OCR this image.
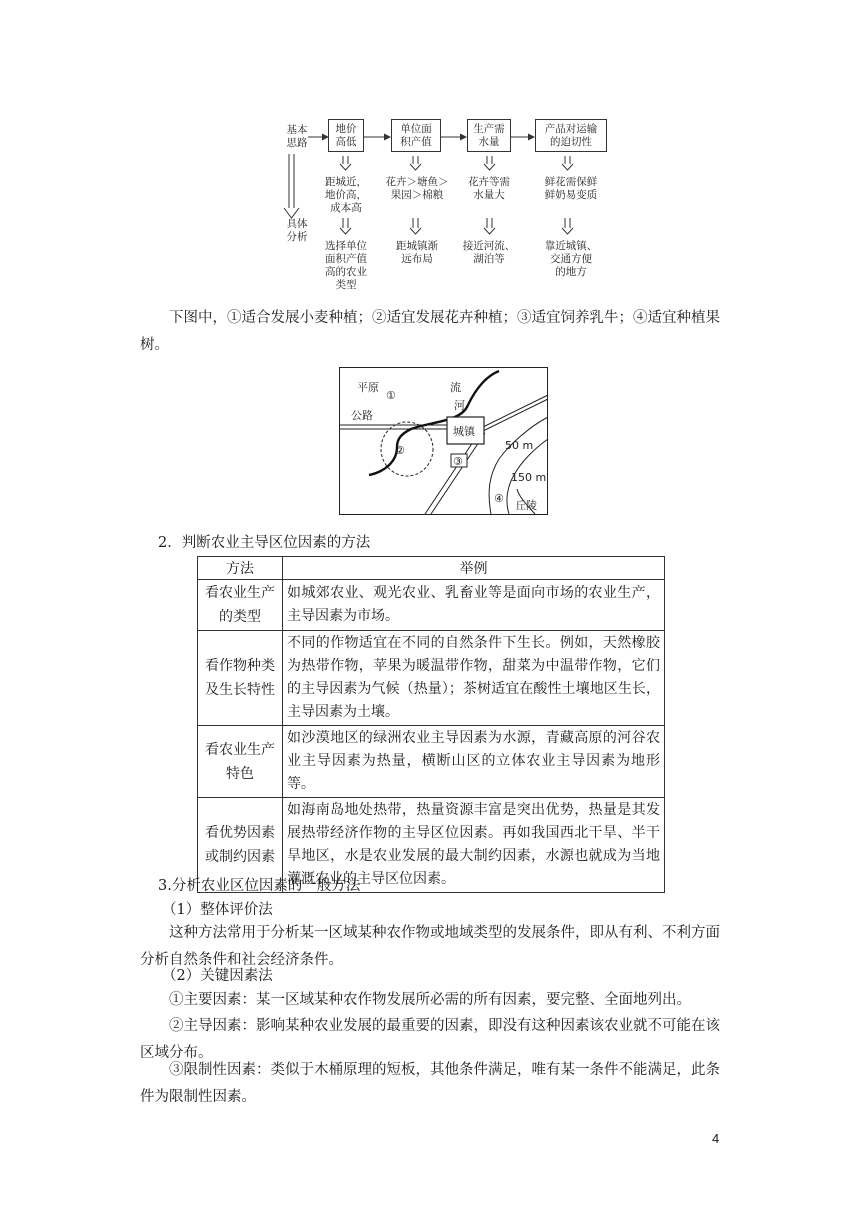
基本
思路
具体
分析
地价
高低
单位面
积产值
生产需
水量
产品对运输
的迫切性
距城近，
地价高，
成本高
花卉＞塘鱼＞
果园＞棉粮
花卉等需
水量大
鲜花需保鲜
鲜奶易变质
选择单位
面积产值
高的农业
类型
距城镇渐
远布局
接近河流、
湖泊等
靠近城镇、
交通方便
的地方
下图中，①适合发展小麦种植；②适宜发展花卉种植；③适宜饲养乳牛；④适宜种植果树。
平原
①
流
河
公路
城镇
②
③
50 m
150 m
④
丘陵
2．判断农业主导区位因素的方法
方法	举例
看农业生产的类型	如城郊农业、观光农业、乳畜业等是面向市场的农业生产，主导因素为市场。
看作物种类及生长特性	不同的作物适宜在不同的自然条件下生长。例如，天然橡胶为热带作物，苹果为暖温带作物，甜菜为中温带作物，它们的主导因素为气候（热量）；茶树适宜在酸性土壤地区生长，主导因素为土壤。
看农业生产特色	如沙漠地区的绿洲农业主导因素为水源，青藏高原的河谷农业主导因素为热量，横断山区的立体农业主导因素为地形等。
看优势因素或制约因素	如海南岛地处热带，热量资源丰富是突出优势，热量是其发展热带经济作物的主导区位因素。再如我国西北干旱、半干旱地区，水是农业发展的最大制约因素，水源也就成为当地灌溉农业的主导区位因素。
3.分析农业区位因素的一般方法
（1）整体评价法
这种方法常用于分析某一区域某种农作物或地域类型的发展条件，即从有利、不利方面分析自然条件和社会经济条件。
（2）关键因素法
①主要因素：某一区域某种农作物发展所必需的所有因素，要完整、全面地列出。
②主导因素：影响某种农业发展的最重要的因素，即没有这种因素该农业就不可能在该区域分布。
③限制性因素：类似于木桶原理的短板，其他条件满足，唯有某一条件不能满足，此条件为限制性因素。
4
